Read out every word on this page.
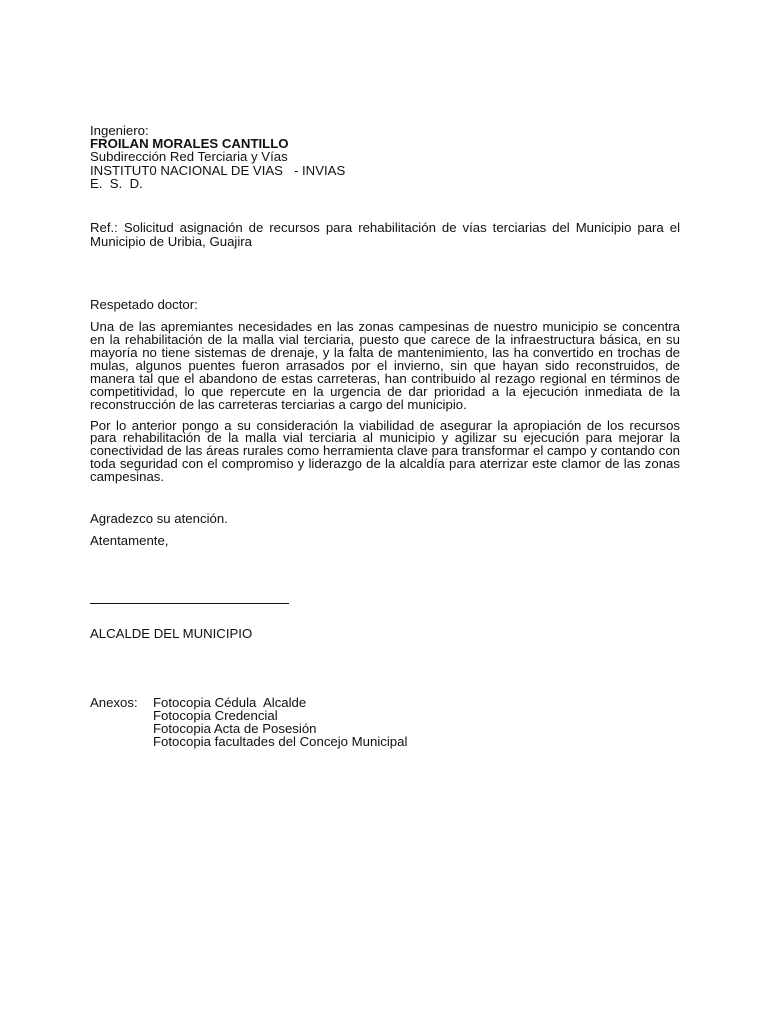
Ingeniero:
FROILAN MORALES CANTILLO
Subdirección Red Terciaria y Vías
INSTITUT0 NACIONAL DE VIAS   - INVIAS
E.  S.  D.
Ref.: Solicitud asignación de recursos para rehabilitación de vías terciarias del Municipio para el Municipio de Uribia, Guajira
Respetado doctor:
Una de las apremiantes necesidades en las zonas campesinas de nuestro municipio se concentra en la rehabilitación de la malla vial terciaria, puesto que carece de la infraestructura básica, en su mayoría no tiene sistemas de drenaje, y la falta de mantenimiento, las ha convertido en trochas de mulas, algunos puentes fueron arrasados por el invierno, sin que hayan sido reconstruidos, de manera tal que el abandono de estas carreteras, han contribuido al rezago regional en términos de competitividad, lo que repercute en la urgencia de dar prioridad a la ejecución inmediata de la reconstrucción de las carreteras terciarias a cargo del municipio.
Por lo anterior pongo a su consideración la viabilidad de asegurar la apropiación de los recursos para rehabilitación de la malla vial terciaria al municipio y agilizar su ejecución para mejorar la conectividad de las áreas rurales como herramienta clave para transformar el campo y contando con toda seguridad con el compromiso y liderazgo de la alcaldía para aterrizar este clamor de las zonas campesinas.
Agradezco su atención.
Atentamente,
ALCALDE DEL MUNICIPIO
Anexos: Fotocopia Cédula  Alcalde
Fotocopia Credencial
Fotocopia Acta de Posesión
Fotocopia facultades del Concejo Municipal
